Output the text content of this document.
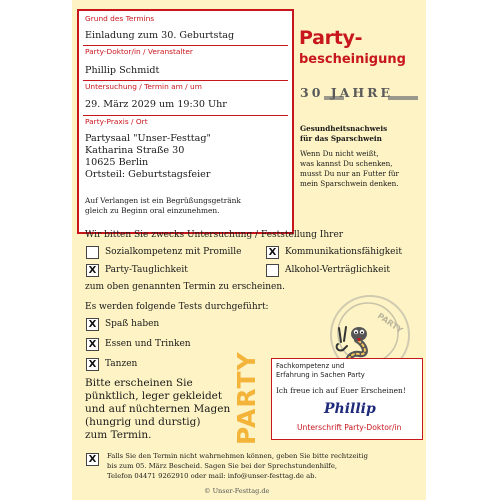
Grund des Termins
Einladung zum 30. Geburtstag
Party-Doktor/in / Veranstalter
Phillip Schmidt
Untersuchung / Termin am / um
29. März 2029 um 19:30 Uhr
Party-Praxis / Ort
Partysaal "Unser-Festtag"
Katharina Straße 30
10625 Berlin
Ortsteil: Geburtstagsfeier
Auf Verlangen ist ein Begrüßungsgetränk
gleich zu Beginn oral einzunehmen.
Party-
bescheinigung
30 JAHRE
Gesundheitsnachweis
für das Sparschwein
Wenn Du nicht weißt,
was kannst Du schenken,
musst Du nur an Futter für
mein Sparschwein denken.
Wir bitten Sie zwecks Untersuchung / Feststellung Ihrer
Sozialkompetenz mit Promille	X Kommunikationsfähigkeit
X Party-Tauglichkeit	Alkohol-Verträglichkeit
zum oben genannten Termin zu erscheinen.
Es werden folgende Tests durchgeführt:
X Spaß haben
X Essen und Trinken
X Tanzen
Bitte erscheinen Sie
pünktlich, leger gekleidet
und auf nüchternen Magen
(hungrig und durstig)
zum Termin.
PARTY
PARTY Fachkompetenz und
Erfahrung in Sachen Party
Ich freue ich auf Euer Erscheinen!
Phillip
Unterschrift Party-Doktor/in
X	Falls Sie den Termin nicht wahrnehmen können, geben Sie bitte rechtzeitig
bis zum 05. März Bescheid. Sagen Sie bei der Sprechstundenhilfe,
Telefon 04471 9262910 oder mail: info@unser-festtag.de ab.
© Unser-Festtag.de
